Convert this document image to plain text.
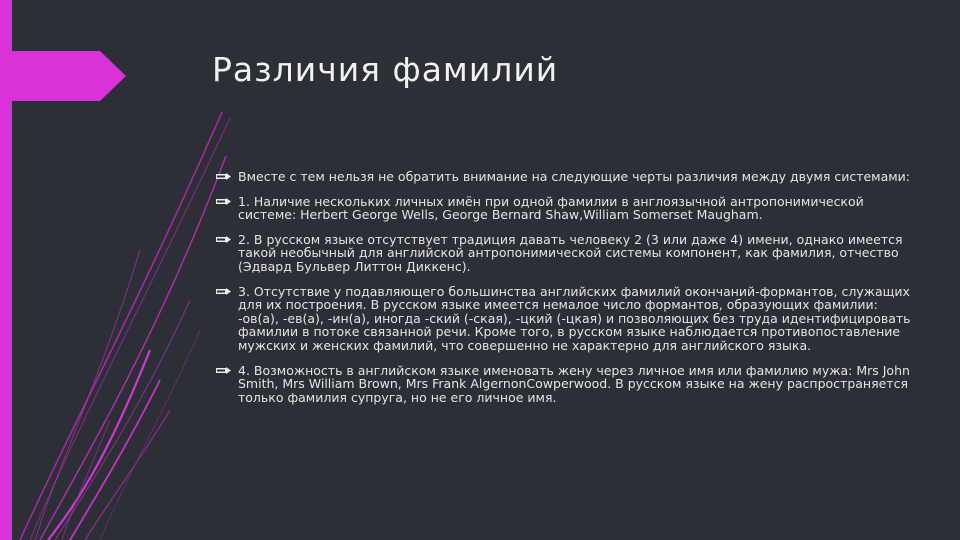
Различия фамилий
Вместе с тем нельзя не обратить внимание на следующие черты различия между двумя системами:
1. Наличие нескольких личных имён при одной фамилии в англоязычной антропонимической
системе: Herbert George Wells, George Bernard Shaw,William Somerset Maugham.
2. В русском языке отсутствует традиция давать человеку 2 (3 или даже 4) имени, однако имеется такой необычный для английской антропонимической системы компонент, как фамилия, отчество (Эдвард Бульвер Литтон Диккенс).
3. Отсутствие у подавляющего большинства английских фамилий окончаний-формантов, служащих для их построения. В русском языке имеется немалое число формантов, образующих фамилии: -ов(а), -ев(а), -ин(а), иногда -ский (-ская), -цкий (-цкая) и позволяющих без труда идентифицировать фамилии в потоке связанной речи. Кроме того, в русском языке наблюдается противопоставление мужских и женских фамилий, что совершенно не характерно для английского языка.
4. Возможность в английском языке именовать жену через личное имя или фамилию мужа: Mrs John Smith, Mrs William Brown, Mrs Frank AlgernonCowperwood. В русском языке на жену распространяется только фамилия супруга, но не его личное имя.
